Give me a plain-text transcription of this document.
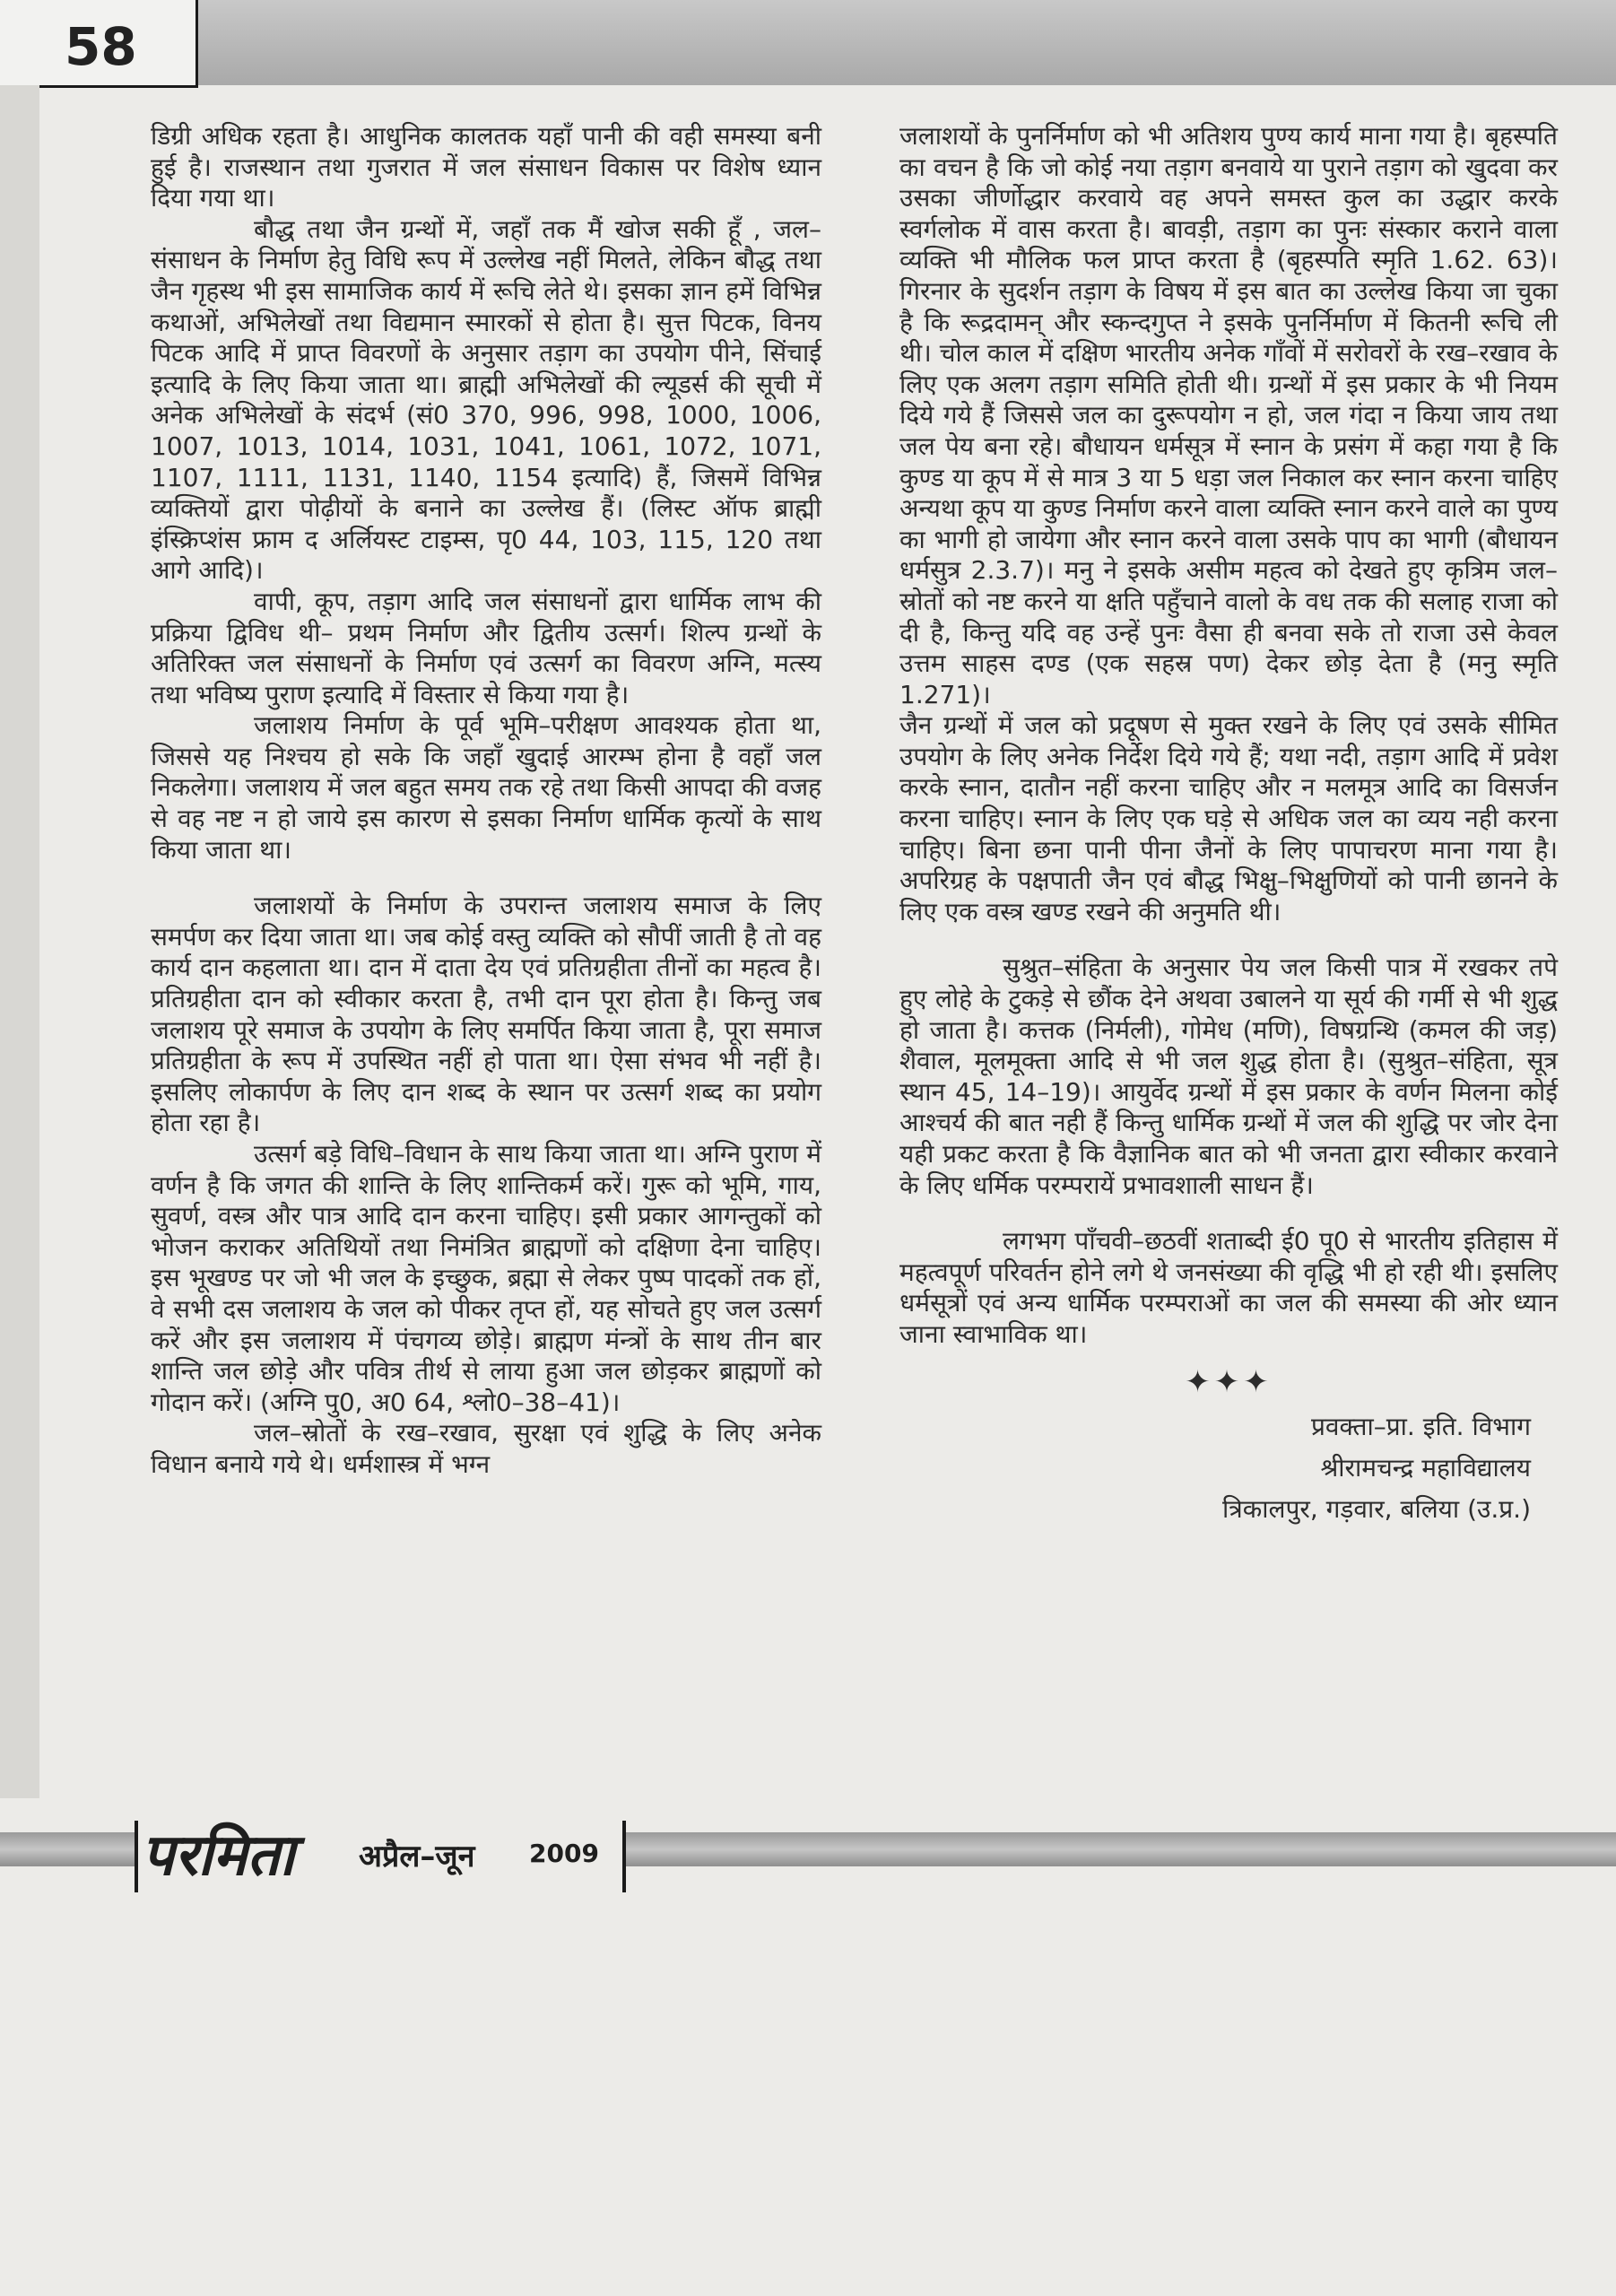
58

डिग्री अधिक रहता है। आधुनिक कालतक यहाँ पानी की वही समस्या बनी हुई है। राजस्थान तथा गुजरात में जल संसाधन विकास पर विशेष ध्यान दिया गया था।

बौद्ध तथा जैन ग्रन्थों में, जहाँ तक मैं खोज सकी हूँ , जल–संसाधन के निर्माण हेतु विधि रूप में उल्लेख नहीं मिलते, लेकिन बौद्ध तथा जैन गृहस्थ भी इस सामाजिक कार्य में रूचि लेते थे। इसका ज्ञान हमें विभिन्न कथाओं, अभिलेखों तथा विद्यमान स्मारकों से होता है। सुत्त पिटक, विनय पिटक आदि में प्राप्त विवरणों के अनुसार तड़ाग का उपयोग पीने, सिंचाई इत्यादि के लिए किया जाता था। ब्राह्मी अभिलेखों की ल्यूडर्स की सूची में अनेक अभिलेखों के संदर्भ (सं0 370, 996, 998, 1000, 1006, 1007, 1013, 1014, 1031, 1041, 1061, 1072, 1071, 1107, 1111, 1131, 1140, 1154 इत्यादि) हैं, जिसमें विभिन्न व्यक्तियों द्वारा पोढ़ीयों के बनाने का उल्लेख हैं। (लिस्ट ऑफ ब्राह्मी इंस्क्रिप्शंस फ्राम द अर्लियस्ट टाइम्स, पृ0 44, 103, 115, 120 तथा आगे आदि)।

वापी, कूप, तड़ाग आदि जल संसाधनों द्वारा धार्मिक लाभ की प्रक्रिया द्विविध थी– प्रथम निर्माण और द्वितीय उत्सर्ग। शिल्प ग्रन्थों के अतिरिक्त जल संसाधनों के निर्माण एवं उत्सर्ग का विवरण अग्नि, मत्स्य तथा भविष्य पुराण इत्यादि में विस्तार से किया गया है।

जलाशय निर्माण के पूर्व भूमि–परीक्षण आवश्यक होता था, जिससे यह निश्चय हो सके कि जहाँ खुदाई आरम्भ होना है वहाँ जल निकलेगा। जलाशय में जल बहुत समय तक रहे तथा किसी आपदा की वजह से वह नष्ट न हो जाये इस कारण से इसका निर्माण धार्मिक कृत्यों के साथ किया जाता था।

जलाशयों के निर्माण के उपरान्त जलाशय समाज के लिए समर्पण कर दिया जाता था। जब कोई वस्तु व्यक्ति को सौपीं जाती है तो वह कार्य दान कहलाता था। दान में दाता देय एवं प्रतिग्रहीता तीनों का महत्व है। प्रतिग्रहीता दान को स्वीकार करता है, तभी दान पूरा होता है। किन्तु जब जलाशय पूरे समाज के उपयोग के लिए समर्पित किया जाता है, पूरा समाज प्रतिग्रहीता के रूप में उपस्थित नहीं हो पाता था। ऐसा संभव भी नहीं है। इसलिए लोकार्पण के लिए दान शब्द के स्थान पर उत्सर्ग शब्द का प्रयोग होता रहा है।

उत्सर्ग बड़े विधि–विधान के साथ किया जाता था। अग्नि पुराण में वर्णन है कि जगत की शान्ति के लिए शान्तिकर्म करें। गुरू को भूमि, गाय, सुवर्ण, वस्त्र और पात्र आदि दान करना चाहिए। इसी प्रकार आगन्तुकों को भोजन कराकर अतिथियों तथा निमंत्रित ब्राह्मणों को दक्षिणा देना चाहिए। इस भूखण्ड पर जो भी जल के इच्छुक, ब्रह्मा से लेकर पुष्प पादकों तक हों, वे सभी दस जलाशय के जल को पीकर तृप्त हों, यह सोचते हुए जल उत्सर्ग करें और इस जलाशय में पंचगव्य छोड़े। ब्राह्मण मंन्त्रों के साथ तीन बार शान्ति जल छोड़े और पवित्र तीर्थ से लाया हुआ जल छोड़कर ब्राह्मणों को गोदान करें। (अग्नि पु0, अ0 64, श्लो0–38–41)।

जल–स्रोतों के रख–रखाव, सुरक्षा एवं शुद्धि के लिए अनेक विधान बनाये गये थे। धर्मशास्त्र में भग्न

जलाशयों के पुनर्निर्माण को भी अतिशय पुण्य कार्य माना गया है। बृहस्पति का वचन है कि जो कोई नया तड़ाग बनवाये या पुराने तड़ाग को खुदवा कर उसका जीर्णोद्धार करवाये वह अपने समस्त कुल का उद्धार करके स्वर्गलोक में वास करता है। बावड़ी, तड़ाग का पुनः संस्कार कराने वाला व्यक्ति भी मौलिक फल प्राप्त करता है (बृहस्पति स्मृति 1.62. 63)। गिरनार के सुदर्शन तड़ाग के विषय में इस बात का उल्लेख किया जा चुका है कि रूद्रदामन् और स्कन्दगुप्त ने इसके पुनर्निर्माण में कितनी रूचि ली थी। चोल काल में दक्षिण भारतीय अनेक गाँवों में सरोवरों के रख–रखाव के लिए एक अलग तड़ाग समिति होती थी। ग्रन्थों में इस प्रकार के भी नियम दिये गये हैं जिससे जल का दुरूपयोग न हो, जल गंदा न किया जाय तथा जल पेय बना रहे। बौधायन धर्मसूत्र में स्नान के प्रसंग में कहा गया है कि कुण्ड या कूप में से मात्र 3 या 5 धड़ा जल निकाल कर स्नान करना चाहिए अन्यथा कूप या कुण्ड निर्माण करने वाला व्यक्ति स्नान करने वाले का पुण्य का भागी हो जायेगा और स्नान करने वाला उसके पाप का भागी (बौधायन धर्मसुत्र 2.3.7)। मनु ने इसके असीम महत्व को देखते हुए कृत्रिम जल–स्रोतों को नष्ट करने या क्षति पहुँचाने वालो के वध तक की सलाह राजा को दी है, किन्तु यदि वह उन्हें पुनः वैसा ही बनवा सके तो राजा उसे केवल उत्तम साहस दण्ड (एक सहस्र पण) देकर छोड़ देता है (मनु स्मृति 1.271)।

जैन ग्रन्थों में जल को प्रदूषण से मुक्त रखने के लिए एवं उसके सीमित उपयोग के लिए अनेक निर्देश दिये गये हैं; यथा नदी, तड़ाग आदि में प्रवेश करके स्नान, दातौन नहीं करना चाहिए और न मलमूत्र आदि का विसर्जन करना चाहिए। स्नान के लिए एक घड़े से अधिक जल का व्यय नही करना चाहिए। बिना छना पानी पीना जैनों के लिए पापाचरण माना गया है। अपरिग्रह के पक्षपाती जैन एवं बौद्ध भिक्षु–भिक्षुणियों को पानी छानने के लिए एक वस्त्र खण्ड रखने की अनुमति थी।

सुश्रुत–संहिता के अनुसार पेय जल किसी पात्र में रखकर तपे हुए लोहे के टुकड़े से छौंक देने अथवा उबालने या सूर्य की गर्मी से भी शुद्ध हो जाता है। कत्तक (निर्मली), गोमेध (मणि), विषग्रन्थि (कमल की जड़) शैवाल, मूलमूक्ता आदि से भी जल शुद्ध होता है। (सुश्रुत–संहिता, सूत्र स्थान 45, 14–19)। आयुर्वेद ग्रन्थों में इस प्रकार के वर्णन मिलना कोई आश्चर्य की बात नही हैं किन्तु धार्मिक ग्रन्थों में जल की शुद्धि पर जोर देना यही प्रकट करता है कि वैज्ञानिक बात को भी जनता द्वारा स्वीकार करवाने के लिए धर्मिक परम्परायें प्रभावशाली साधन हैं।

लगभग पाँचवी–छठवीं शताब्दी ई0 पू0 से भारतीय इतिहास में महत्वपूर्ण परिवर्तन होने लगे थे जनसंख्या की वृद्धि भी हो रही थी। इसलिए धर्मसूत्रों एवं अन्य धार्मिक परम्पराओं का जल की समस्या की ओर ध्यान जाना स्वाभाविक था।

✦✦✦

प्रवक्ता–प्रा. इति. विभाग
श्रीरामचन्द्र महाविद्यालय
त्रिकालपुर, गड़वार, बलिया (उ.प्र.)
परमिता अप्रैल–जून 2009
